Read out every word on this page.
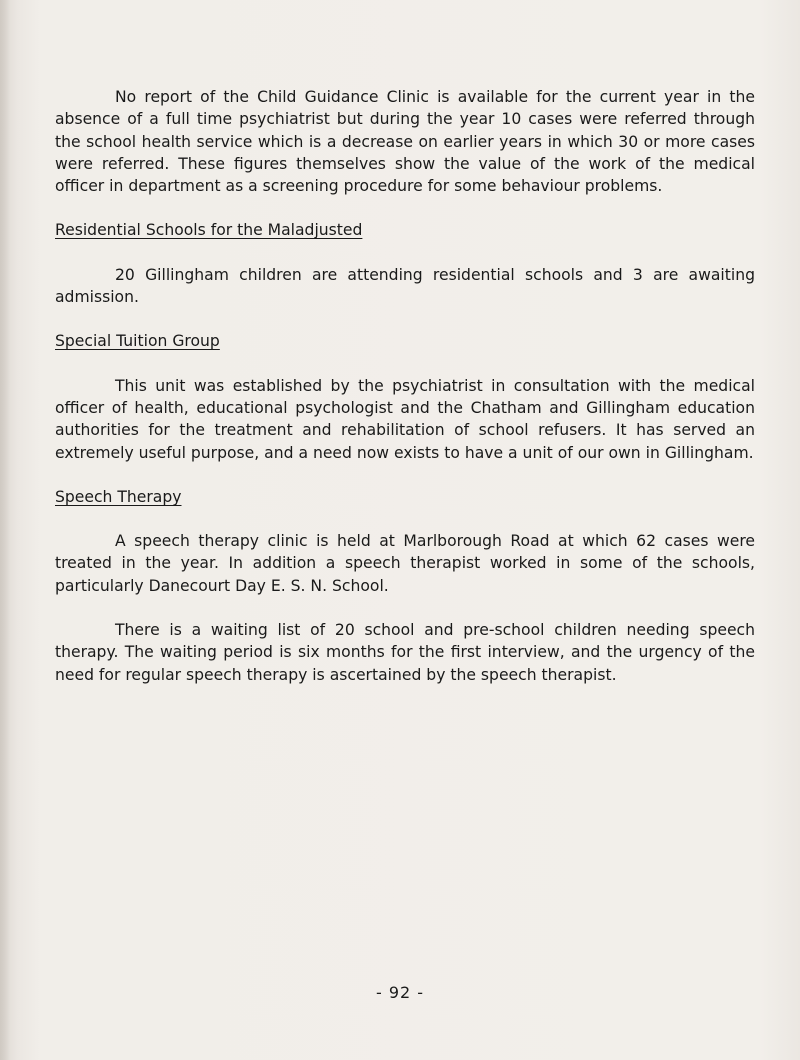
No report of the Child Guidance Clinic is available for the current year in the absence of a full time psychiatrist but during the year 10 cases were referred through the school health service which is a decrease on earlier years in which 30 or more cases were referred. These figures themselves show the value of the work of the medical officer in department as a screening procedure for some behaviour problems.

Residential Schools for the Maladjusted

20 Gillingham children are attending residential schools and 3 are awaiting admission.

Special Tuition Group

This unit was established by the psychiatrist in consultation with the medical officer of health, educational psychologist and the Chatham and Gillingham education authorities for the treatment and rehabilitation of school refusers. It has served an extremely useful purpose, and a need now exists to have a unit of our own in Gillingham.

Speech Therapy

A speech therapy clinic is held at Marlborough Road at which 62 cases were treated in the year. In addition a speech therapist worked in some of the schools, particularly Danecourt Day E. S. N. School.

There is a waiting list of 20 school and pre-school children needing speech therapy. The waiting period is six months for the first interview, and the urgency of the need for regular speech therapy is ascertained by the speech therapist.

- 92 -
